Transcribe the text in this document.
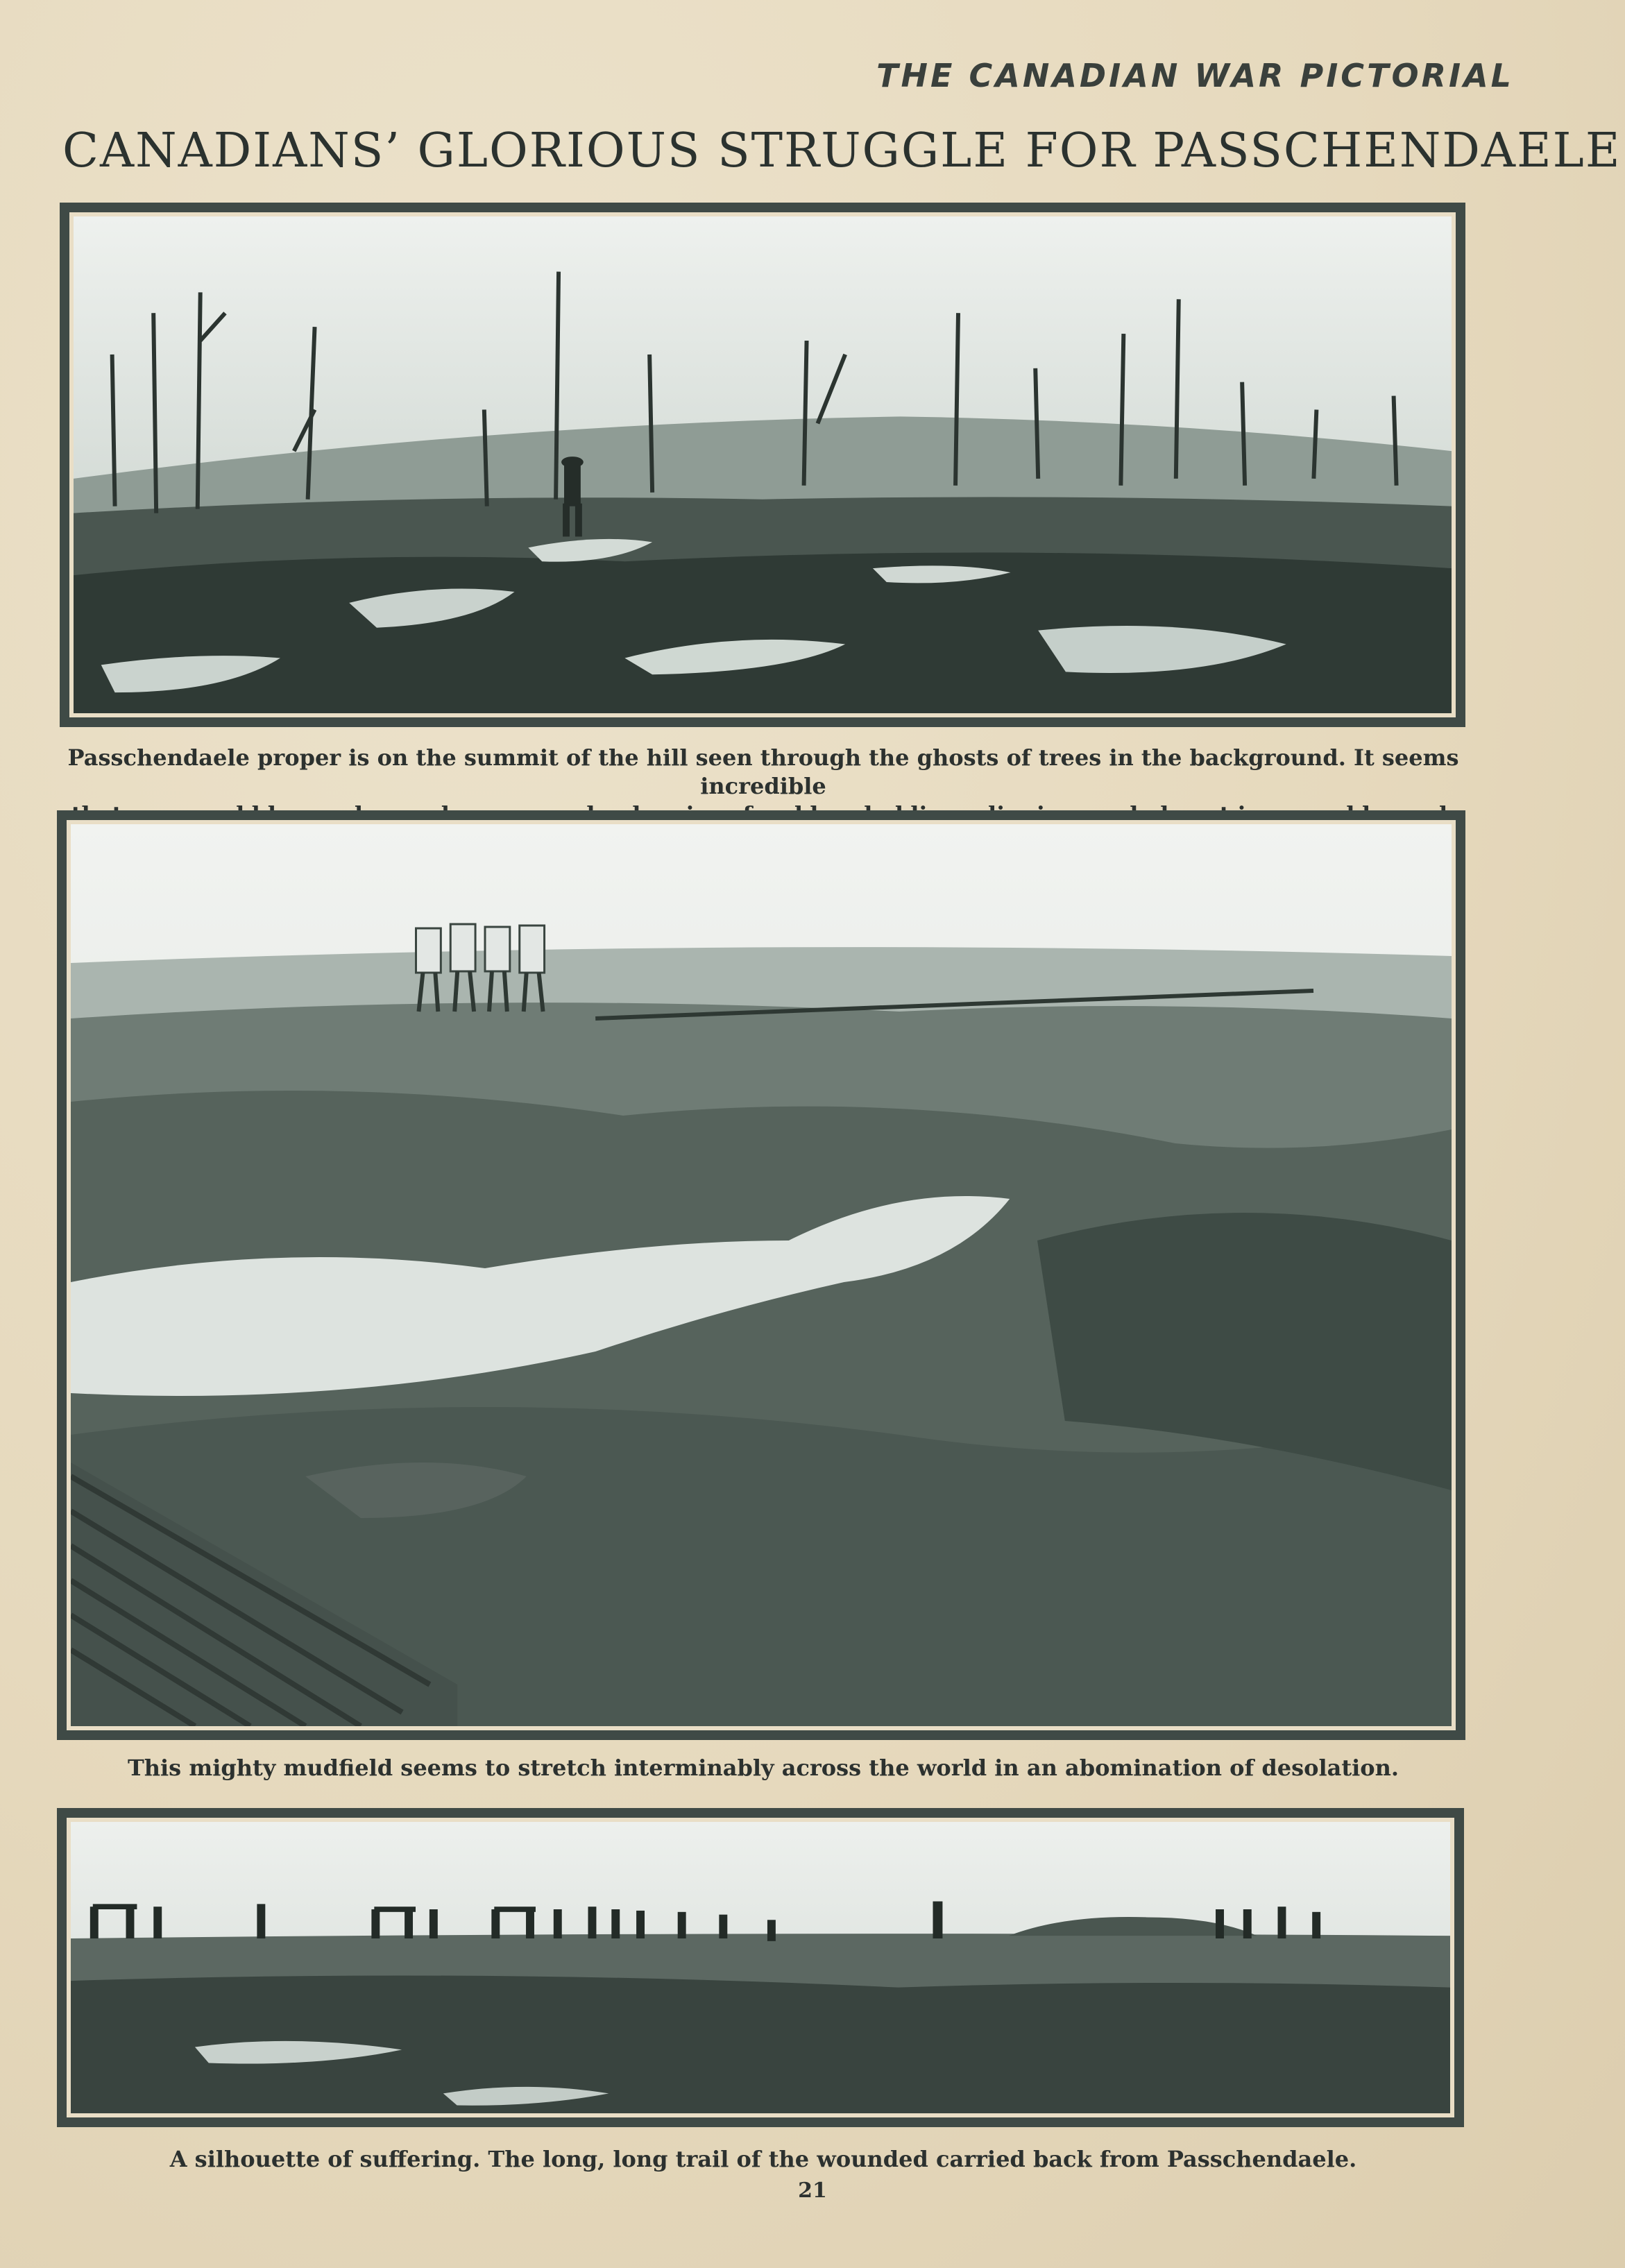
THE CANADIAN WAR PICTORIAL
CANADIANS’ GLORIOUS STRUGGLE FOR PASSCHENDAELE
Passchendaele proper is on the summit of the hill seen through the ghosts of trees in the background. It seems incredible
This mighty mudfield seems to stretch interminably across the world in an abomination of desolation.
A silhouette of suffering. The long, long trail of the wounded carried back from Passchendaele.
21
